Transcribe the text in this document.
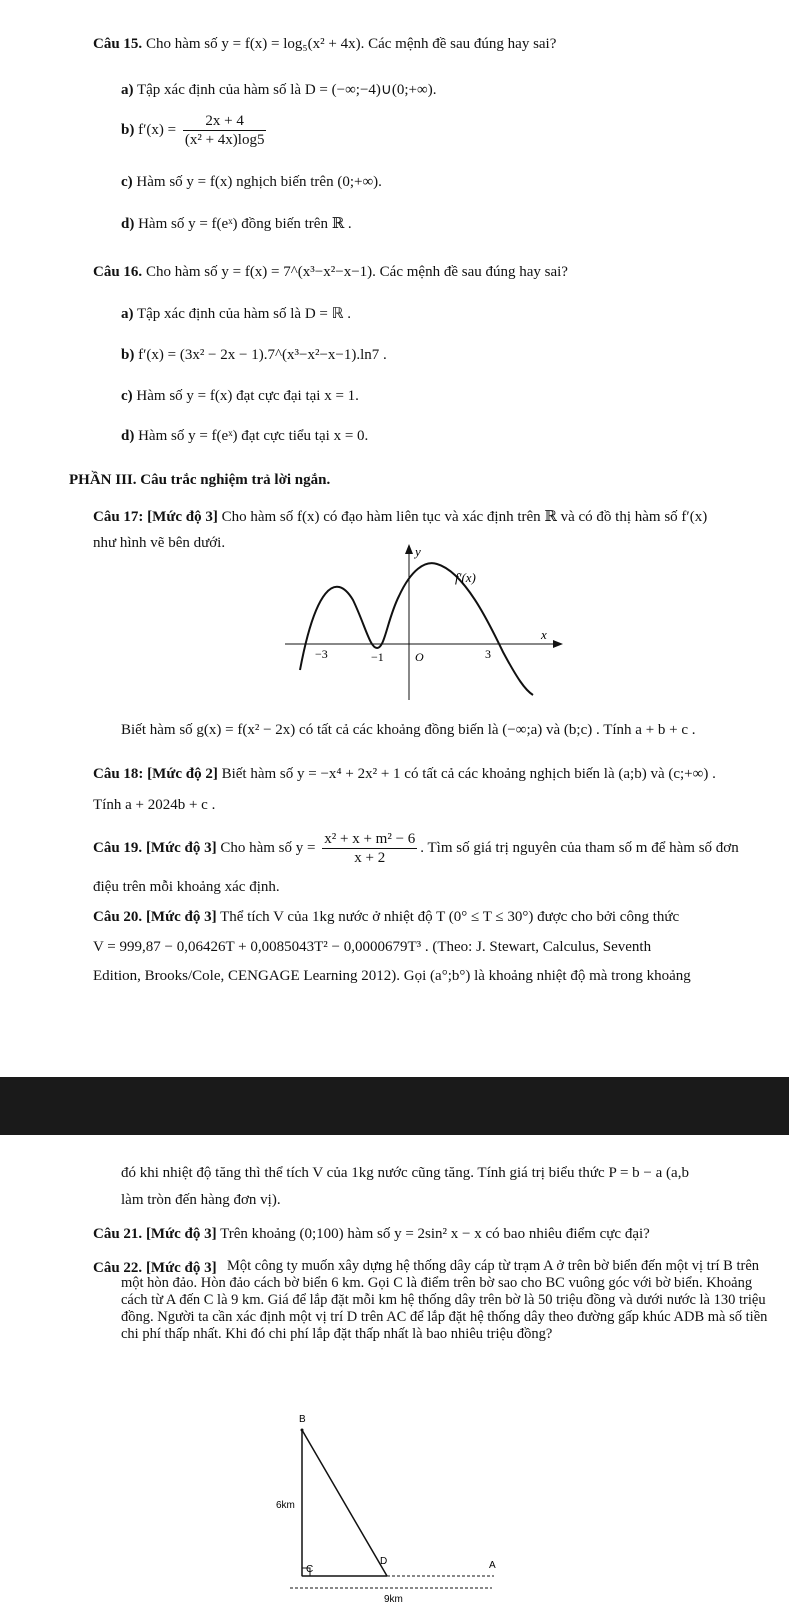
Câu 15. Cho hàm số y = f(x) = log₅(x² + 4x). Các mệnh đề sau đúng hay sai?
a) Tập xác định của hàm số là D = (−∞;−4)∪(0;+∞).
b) $f'(x) = \frac{2x + 4}{\text{(x² + 4x)log5}}$
c) Hàm số y = f(x) nghịch biến trên (0;+∞).
d) Hàm số y = f(eˣ) đồng biến trên ℝ .
Câu 16. Cho hàm số y = f(x) = 7^(x³−x²−x−1). Các mệnh đề sau đúng hay sai?
a) Tập xác định của hàm số là D = ℝ .
b) f′(x) = (3x² − 2x − 1).7^(x³−x²−x−1).ln7 .
c) Hàm số y = f(x) đạt cực đại tại x = 1.
d) Hàm số y = f(eˣ) đạt cực tiểu tại x = 0.
PHẦN III. Câu trắc nghiệm trả lời ngắn.
Câu 17: [Mức độ 3] Cho hàm số f(x) có đạo hàm liên tục và xác định trên ℝ và có đồ thị hàm số f′(x)
như hình vẽ bên dưới.
f′(x)
x
y
−3	−1	O	3
Biết hàm số g(x) = f(x² − 2x) có tất cả các khoảng đồng biến là (−∞;a) và (b;c) . Tính a + b + c .
Câu 18: [Mức độ 2] Biết hàm số y = −x⁴ + 2x² + 1 có tất cả các khoảng nghịch biến là (a;b) và (c;+∞) .
Tính a + 2024b + c .
Câu 19. [Mức độ 3] Cho hàm số $y = \frac{\text{x² + x + m² − 6}}{x + 2}$ . Tìm số giá trị nguyên của tham số m để hàm số đơn
điệu trên mỗi khoảng xác định.
Câu 20. [Mức độ 3] Thể tích V của 1kg nước ở nhiệt độ T (0° ≤ T ≤ 30°) được cho bởi công thức
V = 999,87 − 0,06426T + 0,0085043T² − 0,0000679T³ . (Theo: J. Stewart, Calculus, Seventh
Edition, Brooks/Cole, CENGAGE Learning 2012). Gọi (a°;b°) là khoảng nhiệt độ mà trong khoảng
đó khi nhiệt độ tăng thì thể tích V của 1kg nước cũng tăng. Tính giá trị biểu thức P = b − a (a,b
làm tròn đến hàng đơn vị).
Câu 21. [Mức độ 3] Trên khoảng (0;100) hàm số y = 2sin² x − x có bao nhiêu điểm cực đại?
Câu 22. [Mức độ 3] Một công ty muốn xây dựng hệ thống dây cáp từ trạm A ở trên bờ biển đến một vị trí B trên một hòn đảo. Hòn đảo cách bờ biển 6 km. Gọi C là điểm trên bờ sao cho BC vuông góc với bờ biển. Khoảng cách từ A đến C là 9 km. Giá để lắp đặt mỗi km hệ thống dây trên bờ là 50 triệu đồng và dưới nước là 130 triệu đồng. Người ta cần xác định một vị trí D trên AC để lắp đặt hệ thống dây theo đường gấp khúc ADB mà số tiền chi phí thấp nhất. Khi đó chi phí lắp đặt thấp nhất là bao nhiêu triệu đồng?
B
6km
C
D	A
9km
